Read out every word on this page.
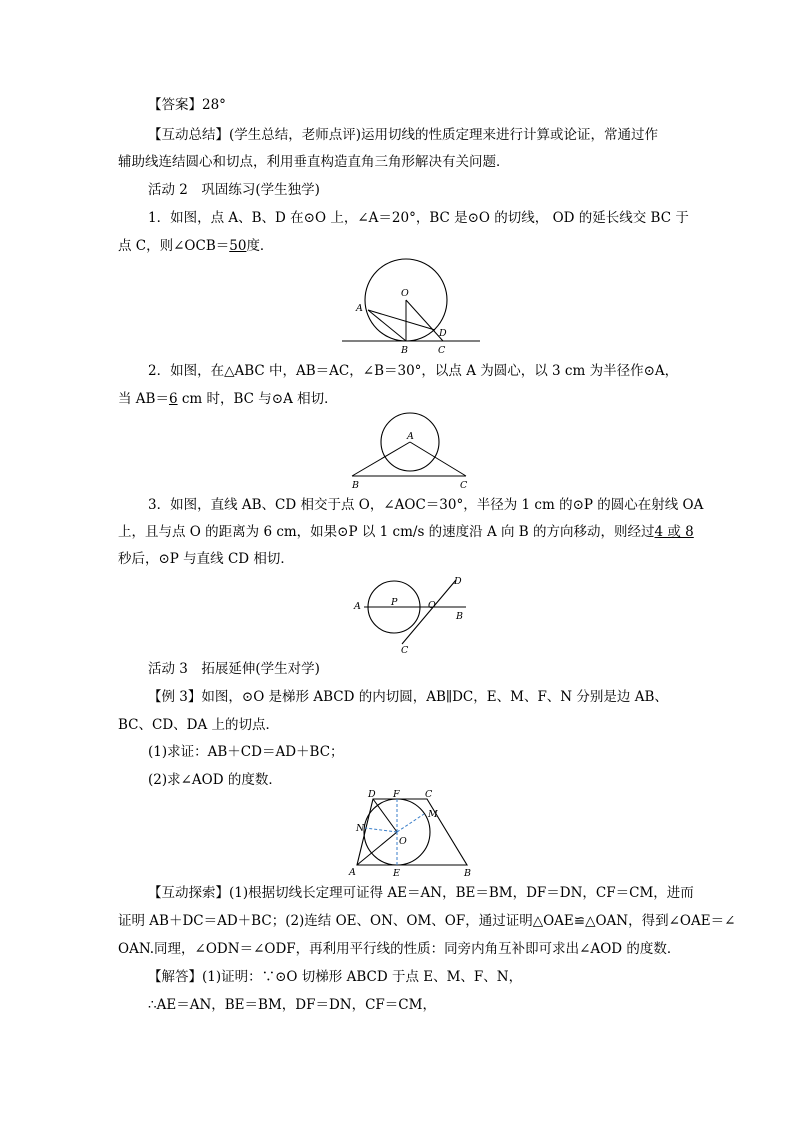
【答案】28°
【互动总结】(学生总结，老师点评)运用切线的性质定理来进行计算或论证，常通过作
辅助线连结圆心和切点，利用垂直构造直角三角形解决有关问题．
活动 2　巩固练习(学生独学)
1．如图，点 A、B、D 在⊙O 上，∠A＝20°，BC 是⊙O 的切线， OD 的延长线交 BC 于
点 C，则∠OCB＝50度．
O
A
D
B	C
2．如图，在△ABC 中，AB＝AC，∠B＝30°，以点 A 为圆心，以 3 cm 为半径作⊙A，
当 AB＝6 cm 时，BC 与⊙A 相切．
A
B	C
3．如图，直线 AB、CD 相交于点 O，∠AOC＝30°，半径为 1 cm 的⊙P 的圆心在射线 OA
上，且与点 O 的距离为 6 cm，如果⊙P 以 1 cm/s 的速度沿 A 向 B 的方向移动，则经过4 或 8
秒后，⊙P 与直线 CD 相切．
A	P	O
B
D
C
活动 3　拓展延伸(学生对学)
【例 3】如图，⊙O 是梯形 ABCD 的内切圆，AB∥DC，E、M、F、N 分别是边 AB、
BC、CD、DA 上的切点．
(1)求证：AB＋CD＝AD＋BC；
(2)求∠AOD 的度数．
D F	C
M
N
O
A	E	B
【互动探索】(1)根据切线长定理可证得 AE＝AN，BE＝BM，DF＝DN，CF＝CM，进而
证明 AB＋DC＝AD＋BC；(2)连结 OE、ON、OM、OF，通过证明△OAE≌△OAN，得到∠OAE＝∠
OAN.同理，∠ODN＝∠ODF，再利用平行线的性质：同旁内角互补即可求出∠AOD 的度数．
【解答】(1)证明：∵⊙O 切梯形 ABCD 于点 E、M、F、N，
∴AE＝AN，BE＝BM，DF＝DN，CF＝CM，
